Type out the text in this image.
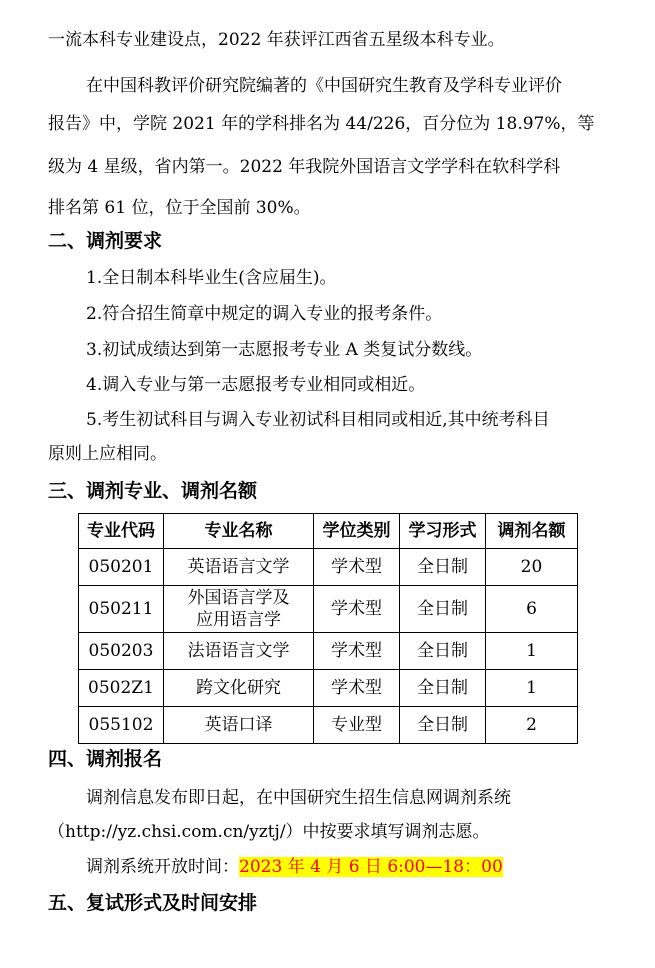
一流本科专业建设点，2022 年获评江西省五星级本科专业。
在中国科教评价研究院编著的《中国研究生教育及学科专业评价
报告》中，学院 2021 年的学科排名为 44/226，百分位为 18.97%，等
级为 4 星级，省内第一。2022 年我院外国语言文学学科在软科学科
排名第 61 位，位于全国前 30%。
二、调剂要求
1.全日制本科毕业生(含应届生)。
2.符合招生简章中规定的调入专业的报考条件。
3.初试成绩达到第一志愿报考专业 A 类复试分数线。
4.调入专业与第一志愿报考专业相同或相近。
5.考生初试科目与调入专业初试科目相同或相近,其中统考科目
原则上应相同。
三、调剂专业、调剂名额
专业代码	专业名称	学位类别	学习形式	调剂名额
050201	英语语言文学	学术型	全日制	20
050211	外国语言学及
应用语言学	学术型	全日制	6
050203	法语语言文学	学术型	全日制	1
0502Z1	跨文化研究	学术型	全日制	1
055102	英语口译	专业型	全日制	2
四、调剂报名
调剂信息发布即日起，在中国研究生招生信息网调剂系统
（http://yz.chsi.com.cn/yztj/）中按要求填写调剂志愿。
调剂系统开放时间：2023 年 4 月 6 日 6:00—18：00
五、复试形式及时间安排
